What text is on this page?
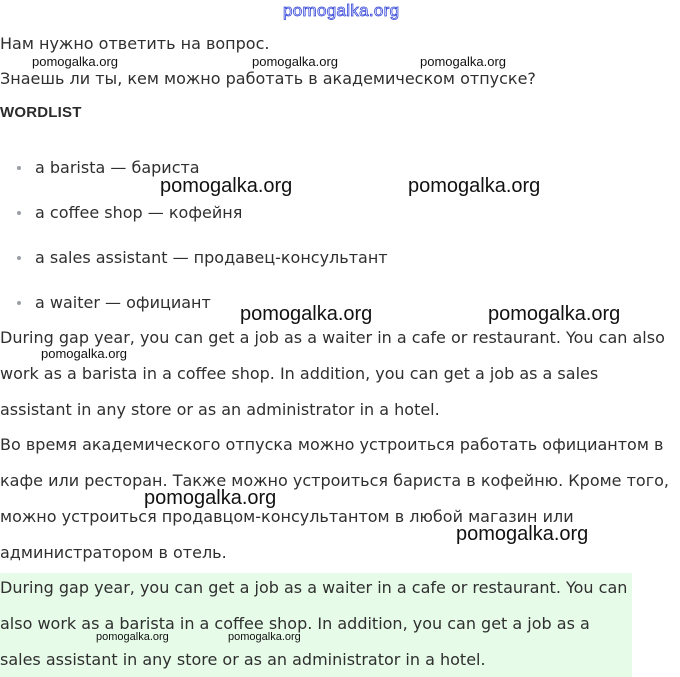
pomogalka.org
Нам нужно ответить на вопрос.
Знаешь ли ты, кем можно работать в академическом отпуске?
WORDLIST
a barista — бариста
a coffee shop — кофейня
a sales assistant — продавец-консультант
a waiter — официант
During gap year, you can get a job as a waiter in a cafe or restaurant. You can also
work as a barista in a coffee shop. In addition, you can get a job as a sales
assistant in any store or as an administrator in a hotel.
Во время академического отпуска можно устроиться работать официантом в
кафе или ресторан. Также можно устроиться бариста в кофейню. Кроме того,
можно устроиться продавцом-консультантом в любой магазин или
администратором в отель.
During gap year, you can get a job as a waiter in a cafe or restaurant. You can
also work as a barista in a coffee shop. In addition, you can get a job as a
sales assistant in any store or as an administrator in a hotel.
pomogalka.org	pomogalka.org	pomogalka.org
pomogalka.org	pomogalka.org
pomogalka.org	pomogalka.org
pomogalka.org
pomogalka.org
pomogalka.org
pomogalka.org	pomogalka.org
